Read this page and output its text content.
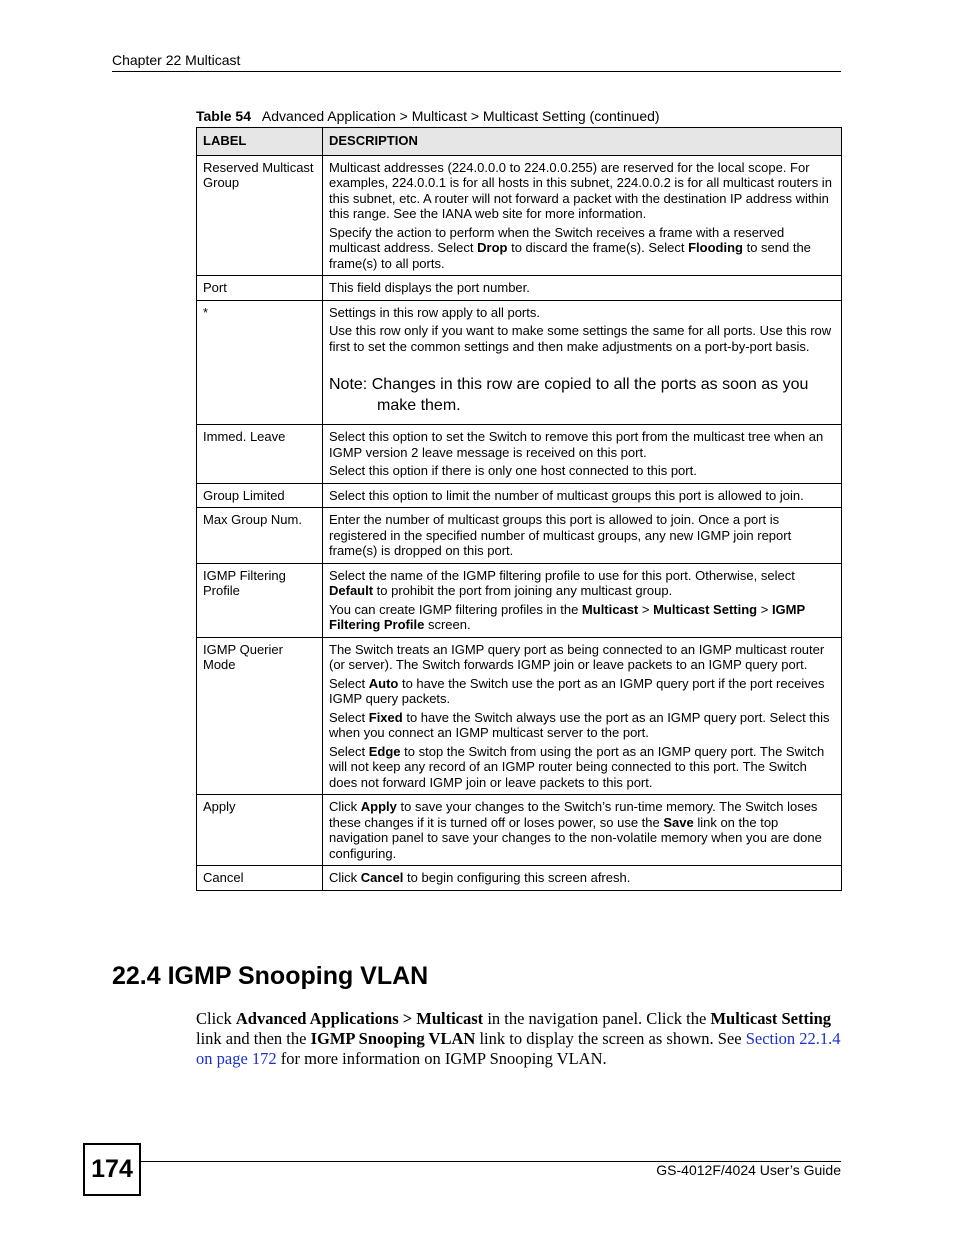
Chapter 22 Multicast
Table 54 Advanced Application > Multicast > Multicast Setting (continued)
LABEL	DESCRIPTION
Reserved Multicast Group	Multicast addresses (224.0.0.0 to 224.0.0.255) are reserved for the local scope. For examples, 224.0.0.1 is for all hosts in this subnet, 224.0.0.2 is for all multicast routers in this subnet, etc. A router will not forward a packet with the destination IP address within this range. See the IANA web site for more information.

Specify the action to perform when the Switch receives a frame with a reserved multicast address. Select Drop to discard the frame(s). Select Flooding to send the frame(s) to all ports.

Port	This field displays the port number.

*	Settings in this row apply to all ports.

Use this row only if you want to make some settings the same for all ports. Use this row first to set the common settings and then make adjustments on a port-by-port basis.

Note: Changes in this row are copied to all the ports as soon as you make them.

Immed. Leave	Select this option to set the Switch to remove this port from the multicast tree when an IGMP version 2 leave message is received on this port.

Select this option if there is only one host connected to this port.

Group Limited	Select this option to limit the number of multicast groups this port is allowed to join.

Max Group Num.	Enter the number of multicast groups this port is allowed to join. Once a port is registered in the specified number of multicast groups, any new IGMP join report frame(s) is dropped on this port.

IGMP Filtering Profile	Select the name of the IGMP filtering profile to use for this port. Otherwise, select Default to prohibit the port from joining any multicast group.

You can create IGMP filtering profiles in the Multicast > Multicast Setting > IGMP Filtering Profile screen.

IGMP Querier Mode	The Switch treats an IGMP query port as being connected to an IGMP multicast router (or server). The Switch forwards IGMP join or leave packets to an IGMP query port.

Select Auto to have the Switch use the port as an IGMP query port if the port receives IGMP query packets.

Select Fixed to have the Switch always use the port as an IGMP query port. Select this when you connect an IGMP multicast server to the port.

Select Edge to stop the Switch from using the port as an IGMP query port. The Switch will not keep any record of an IGMP router being connected to this port. The Switch does not forward IGMP join or leave packets to this port.

Apply	Click Apply to save your changes to the Switch’s run-time memory. The Switch loses these changes if it is turned off or loses power, so use the Save link on the top navigation panel to save your changes to the non-volatile memory when you are done configuring.

Cancel	Click Cancel to begin configuring this screen afresh.

22.4 IGMP Snooping VLAN
Click Advanced Applications > Multicast in the navigation panel. Click the Multicast Setting link and then the IGMP Snooping VLAN link to display the screen as shown. See Section 22.1.4 on page 172 for more information on IGMP Snooping VLAN.
174	GS-4012F/4024 User’s Guide
